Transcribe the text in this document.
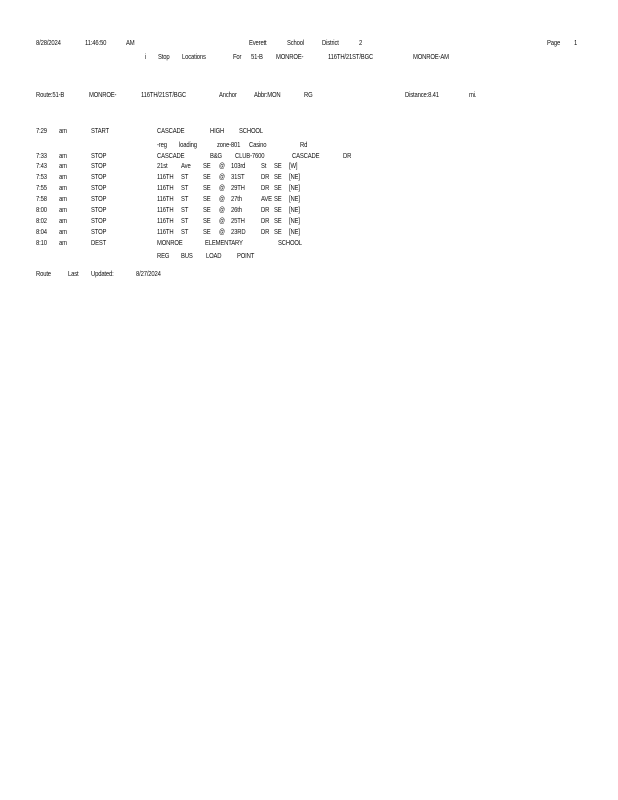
8/28/2024	11:46:50	AM	Everett	School District	2	Page 1
i Stop Locations	For 51-B MONROE-	116TH/21ST/BGC	MONROE-AM
Route:51-B	MONROE-	116TH/21ST/BGC	Anchor Abbr:MON	RG	Distance:8.41	mi.
7:29 am	START	CASCADE	HIGH SCHOOL
-reg loading	zone-801 Casino	Rd
7:33 am	STOP	CASCADE	B&G CLUB-7600	CASCADE	DR
7:43 am	STOP	21st Ave SE @ 103rd St SE [W]
7:53 am	STOP	116TH ST SE @ 31ST DR SE [NE]
7:55 am	STOP	116TH ST SE @ 29TH DR SE [NE]
7:58 am	STOP	116TH ST SE @ 27th	AVE SE [NE]
8:00 am	STOP	116TH ST SE @ 26th	DR SE [NE]
8:02 am	STOP	116TH ST SE @ 25TH DR SE [NE]
8:04 am	STOP	116TH ST SE @ 23RD DR SE [NE]
8:10 am	DEST	MONROE	ELEMENTARY	SCHOOL
REG BUS LOAD POINT
Route Last Updated:	8/27/2024
